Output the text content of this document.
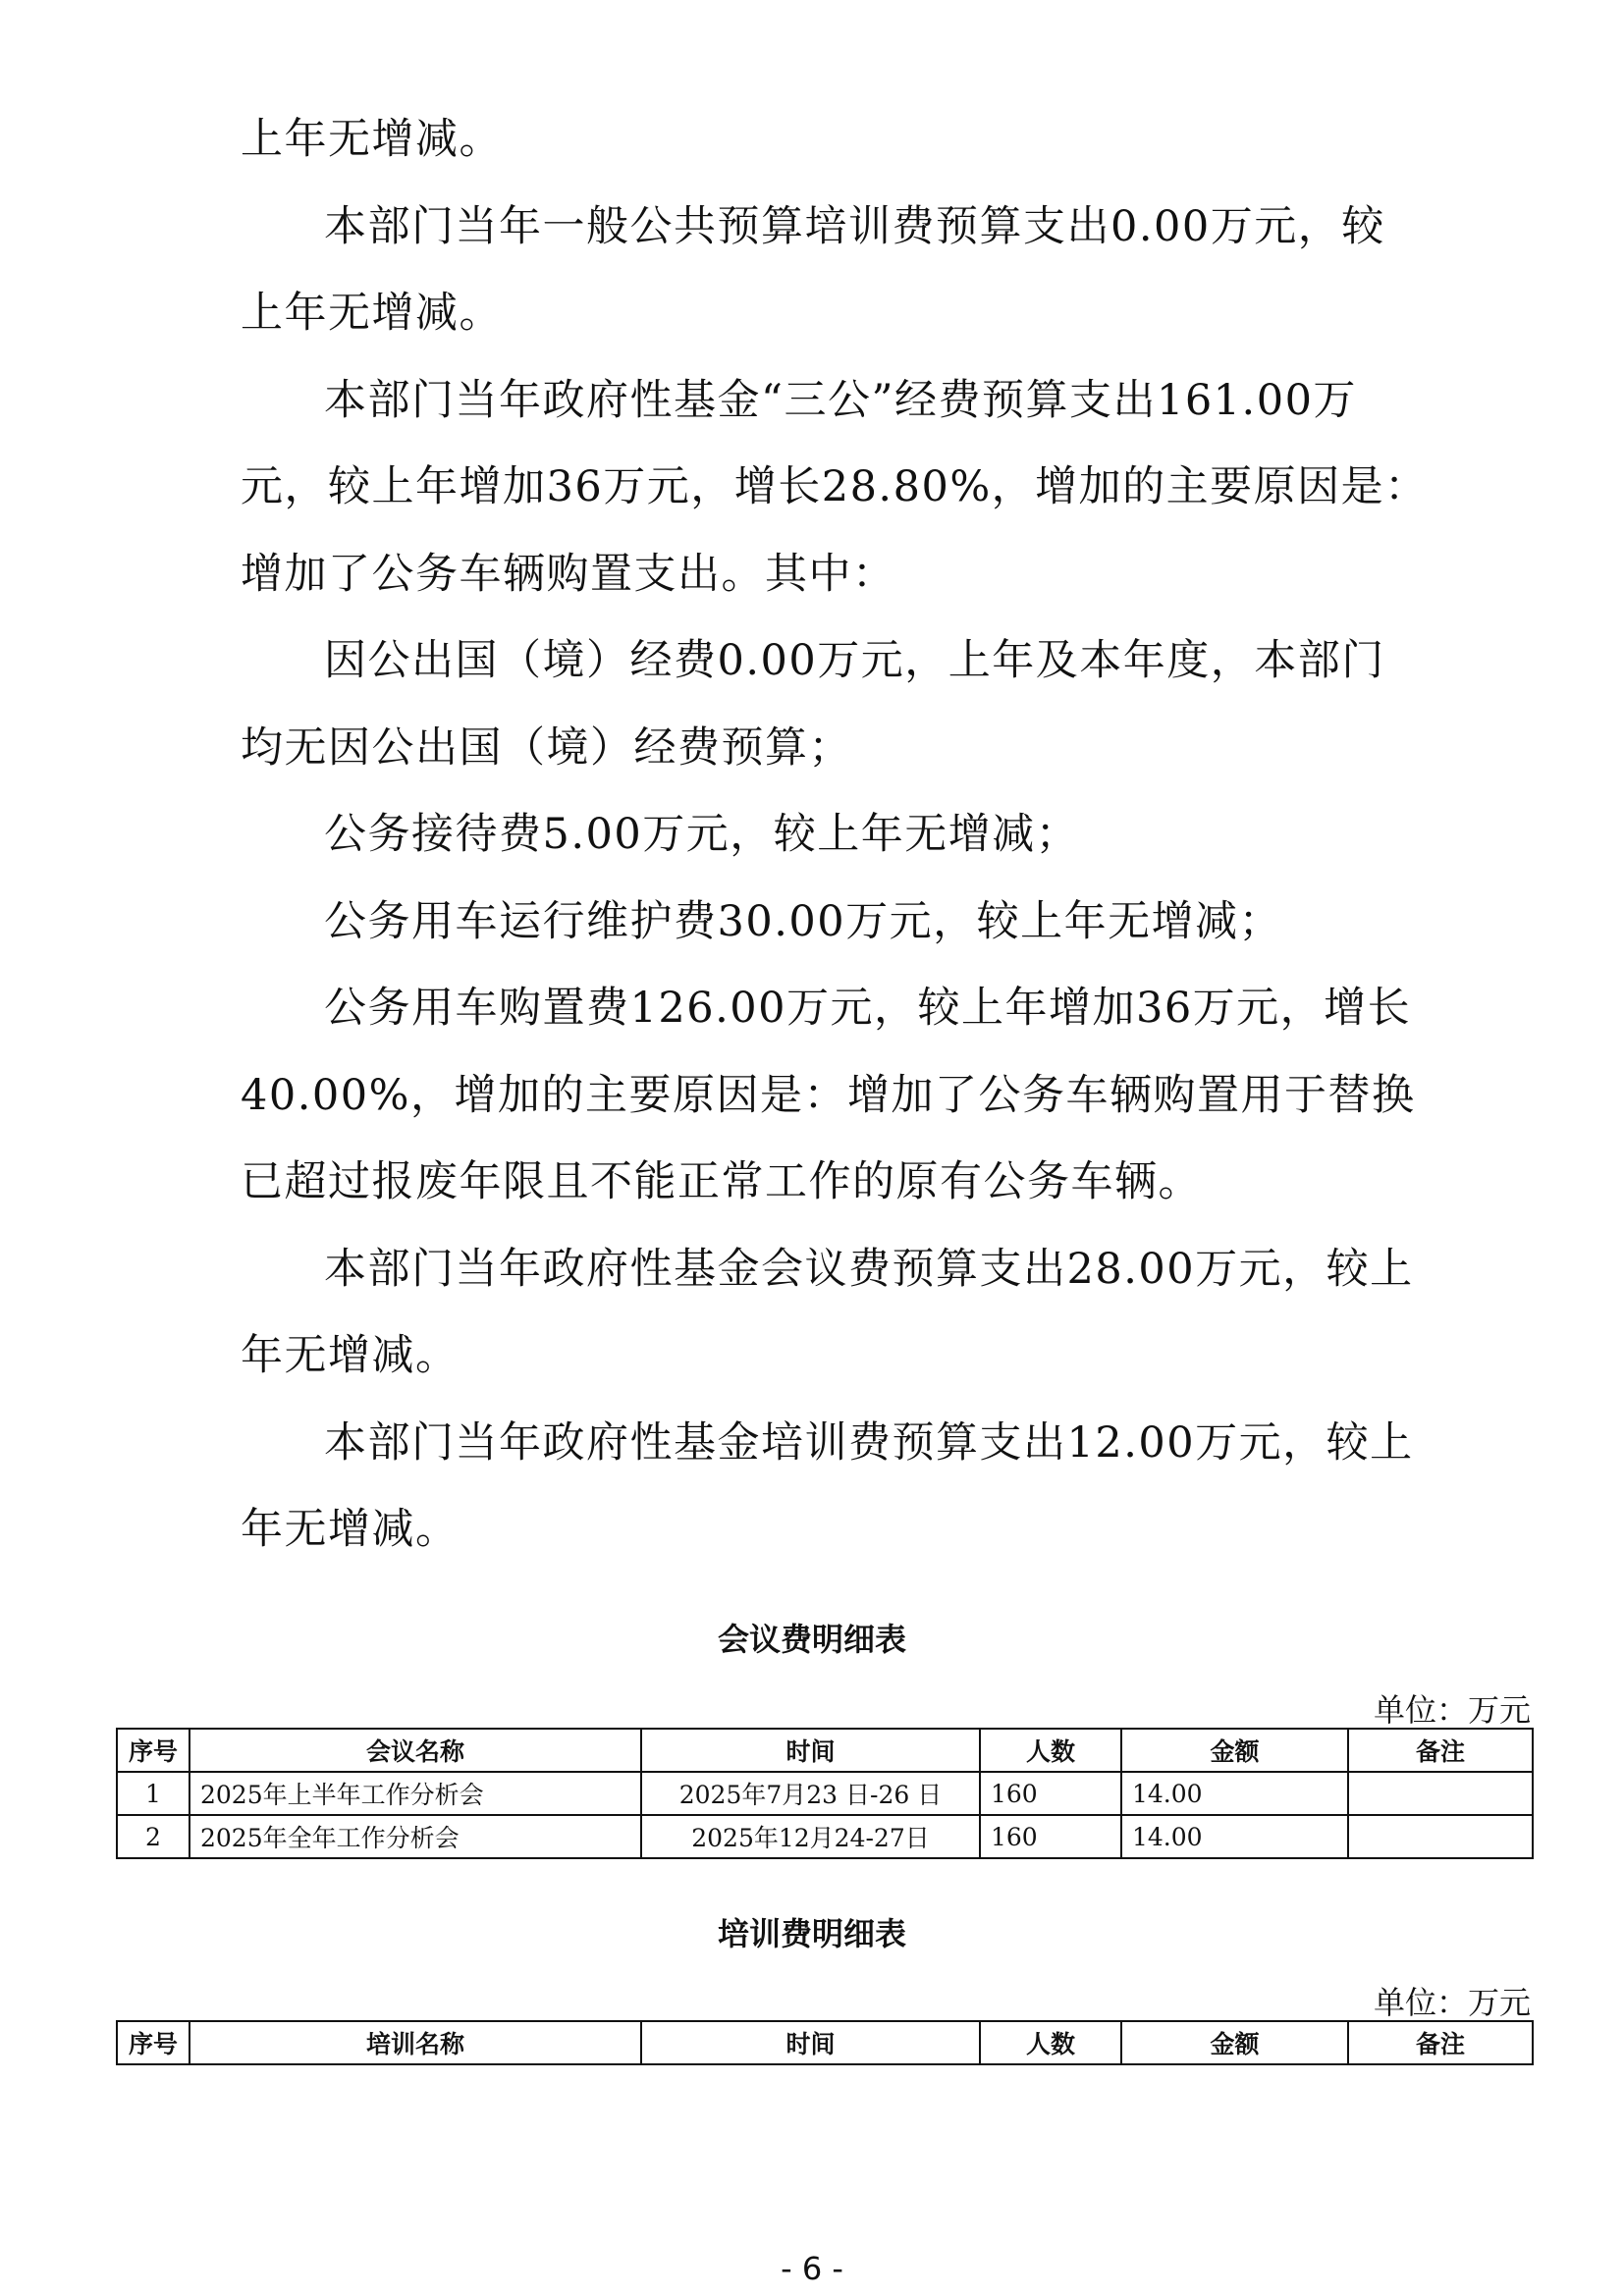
上年无增减。
本部门当年一般公共预算培训费预算支出0.00万元，较
上年无增减。
本部门当年政府性基金“三公”经费预算支出161.00万
元，较上年增加36万元，增长28.80%，增加的主要原因是：
增加了公务车辆购置支出。其中：
因公出国（境）经费0.00万元，上年及本年度，本部门
均无因公出国（境）经费预算；
公务接待费5.00万元，较上年无增减；
公务用车运行维护费30.00万元，较上年无增减；
公务用车购置费126.00万元，较上年增加36万元，增长
40.00%，增加的主要原因是：增加了公务车辆购置用于替换
已超过报废年限且不能正常工作的原有公务车辆。
本部门当年政府性基金会议费预算支出28.00万元，较上
年无增减。
本部门当年政府性基金培训费预算支出12.00万元，较上
年无增减。
会议费明细表
单位：万元
序号	会议名称	时间	人数	金额	备注
1	2025年上半年工作分析会	2025年7月23 日-26 日	160	14.00	
2	2025年全年工作分析会	2025年12月24-27日	160	14.00	
培训费明细表
单位：万元
序号	培训名称	时间	人数	金额	备注
- 6 -
